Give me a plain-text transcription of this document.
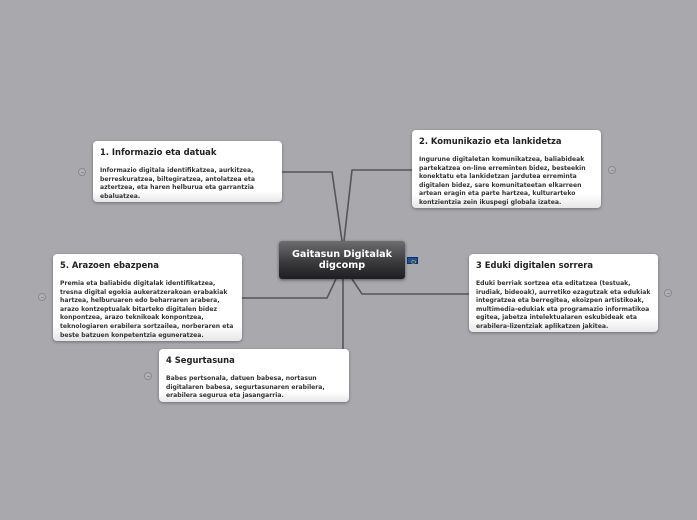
Gaitasun Digitalak
digcomp
1. Informazio eta datuak
Informazio digitala identifikatzea, aurkitzea, berreskuratzea, biltegiratzea, antolatzea eta aztertzea, eta haren helburua eta garrantzia ebaluatzea.
2. Komunikazio eta lankidetza
Ingurune digitaletan komunikatzea, baliabideak partekatzea on-line erreminten bidez, besteekin konektatu eta lankidetzan jardutea erreminta digitalen bidez, sare komunitateetan elkarreen artean eragin eta parte hartzea, kulturarteko kontzientzia zein ikuspegi globala izatea.
3 Eduki digitalen sorrera
Eduki berriak sortzea eta editatzea (testuak, irudiak, bideoak), aurretiko ezagutzak eta edukiak integratzea eta berregitea, ekoizpen artistikoak, multimedia-edukiak eta programazio informatikoa egitea, jabetza intelektualaren eskubideak eta erabilera-lizentziak aplikatzen jakitea.
4 Segurtasuna
Babes pertsonala, datuen babesa, nortasun digitalaren babesa, segurtasunaren erabilera, erabilera segurua eta jasangarria.
5. Arazoen ebazpena
Premia eta baliabide digitalak identifikatzea, tresna digital egokia aukeratzerakoan erabakiak hartzea, helburuaren edo beharraren arabera, arazo kontzeptualak bitarteko digitalen bidez konpontzea, arazo teknikoak konpontzea, teknologiaren erabilera sortzailea, norberaren eta beste batzuen konpetentzia eguneratzea.
